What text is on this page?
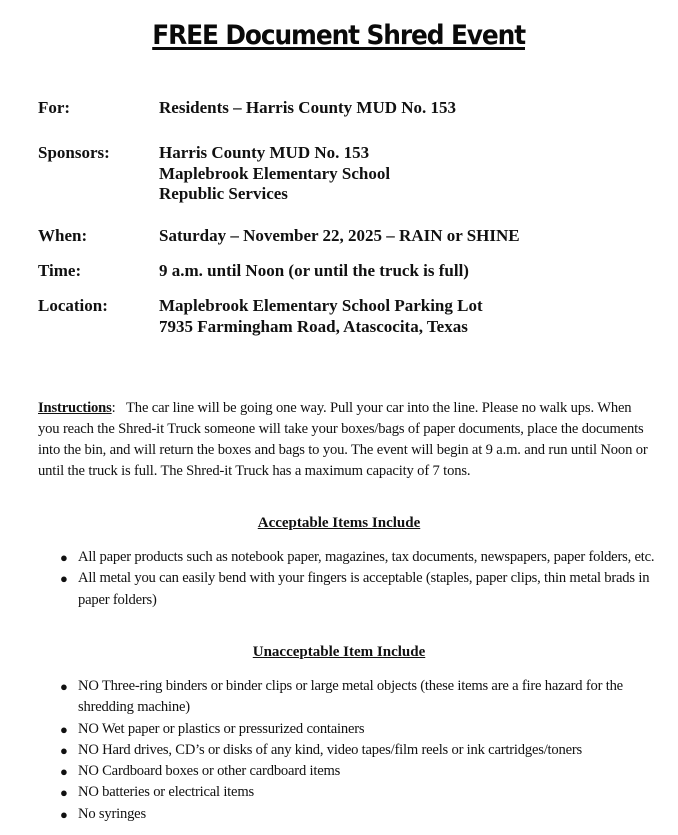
FREE Document Shred Event
For:	Residents – Harris County MUD No. 153
Sponsors:	Harris County MUD No. 153
Maplebrook Elementary School
Republic Services
When:	Saturday – November 22, 2025 – RAIN or SHINE
Time:	9 a.m. until Noon (or until the truck is full)
Location:	Maplebrook Elementary School Parking Lot
7935 Farmingham Road, Atascocita, Texas
Instructions: The car line will be going one way. Pull your car into the line. Please no walk ups. When you reach the Shred-it Truck someone will take your boxes/bags of paper documents, place the documents into the bin, and will return the boxes and bags to you. The event will begin at 9 a.m. and run until Noon or until the truck is full. The Shred-it Truck has a maximum capacity of 7 tons.
Acceptable Items Include
● All paper products such as notebook paper, magazines, tax documents, newspapers, paper folders, etc.
● All metal you can easily bend with your fingers is acceptable (staples, paper clips, thin metal brads in paper folders)
Unacceptable Item Include
● NO Three-ring binders or binder clips or large metal objects (these items are a fire hazard for the shredding machine)
● NO Wet paper or plastics or pressurized containers
● NO Hard drives, CD’s or disks of any kind, video tapes/film reels or ink cartridges/toners
● NO Cardboard boxes or other cardboard items
● NO batteries or electrical items
● No syringes
